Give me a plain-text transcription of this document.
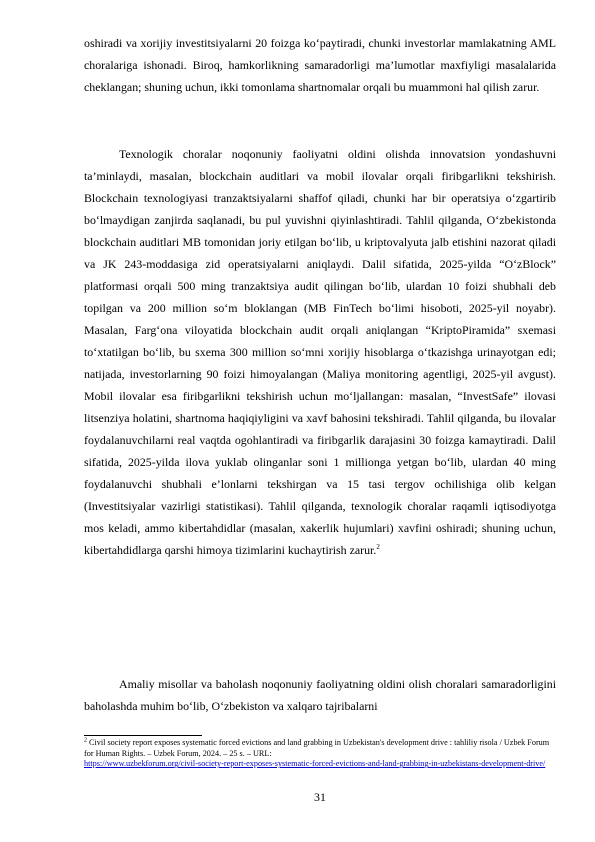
oshiradi va xorijiy investitsiyalarni 20 foizga ko‘paytiradi, chunki investorlar mamlakatning AML choralariga ishonadi. Biroq, hamkorlikning samaradorligi ma’lumotlar maxfiyligi masalalarida cheklangan; shuning uchun, ikki tomonlama shartnomalar orqali bu muammoni hal qilish zarur.

Texnologik choralar noqonuniy faoliyatni oldini olishda innovatsion yondashuvni ta’minlaydi, masalan, blockchain auditlari va mobil ilovalar orqali firibgarlikni tekshirish. Blockchain texnologiyasi tranzaktsiyalarni shaffof qiladi, chunki har bir operatsiya o‘zgartirib bo‘lmaydigan zanjirda saqlanadi, bu pul yuvishni qiyinlashtiradi. Tahlil qilganda, O‘zbekistonda blockchain auditlari MB tomonidan joriy etilgan bo‘lib, u kriptovalyuta jalb etishini nazorat qiladi va JK 243-moddasiga zid operatsiyalarni aniqlaydi. Dalil sifatida, 2025-yilda “O‘zBlock” platformasi orqali 500 ming tranzaktsiya audit qilingan bo‘lib, ulardan 10 foizi shubhali deb topilgan va 200 million so‘m bloklangan (MB FinTech bo‘limi hisoboti, 2025-yil noyabr). Masalan, Farg‘ona viloyatida blockchain audit orqali aniqlangan “KriptoPiramida” sxemasi to‘xtatilgan bo‘lib, bu sxema 300 million so‘mni xorijiy hisoblarga o‘tkazishga urinayotgan edi; natijada, investorlarning 90 foizi himoyalangan (Maliya monitoring agentligi, 2025-yil avgust). Mobil ilovalar esa firibgarlikni tekshirish uchun mo‘ljallangan: masalan, “InvestSafe” ilovasi litsenziya holatini, shartnoma haqiqiyligini va xavf bahosini tekshiradi. Tahlil qilganda, bu ilovalar foydalanuvchilarni real vaqtda ogohlantiradi va firibgarlik darajasini 30 foizga kamaytiradi. Dalil sifatida, 2025-yilda ilova yuklab olinganlar soni 1 millionga yetgan bo‘lib, ulardan 40 ming foydalanuvchi shubhali e’lonlarni tekshirgan va 15 tasi tergov ochilishiga olib kelgan (Investitsiyalar vazirligi statistikasi). Tahlil qilganda, texnologik choralar raqamli iqtisodiyotga mos keladi, ammo kibertahdidlar (masalan, xakerlik hujumlari) xavfini oshiradi; shuning uchun, kibertahdidlarga qarshi himoya tizimlarini kuchaytirish zarur.$^2$

Amaliy misollar va baholash noqonuniy faoliyatning oldini olish choralari samaradorligini baholashda muhim bo‘lib, O‘zbekiston va xalqaro tajribalarni

$^2$ Civil society report exposes systematic forced evictions and land grabbing in Uzbekistan's development drive : tahliliy risola / Uzbek Forum for Human Rights. – Uzbek Forum, 2024. – 25 s. – URL:
https://www.uzbekforum.org/civil-society-report-exposes-systematic-forced-evictions-and-land-grabbing-in-uzbekistans-development-drive/

31
